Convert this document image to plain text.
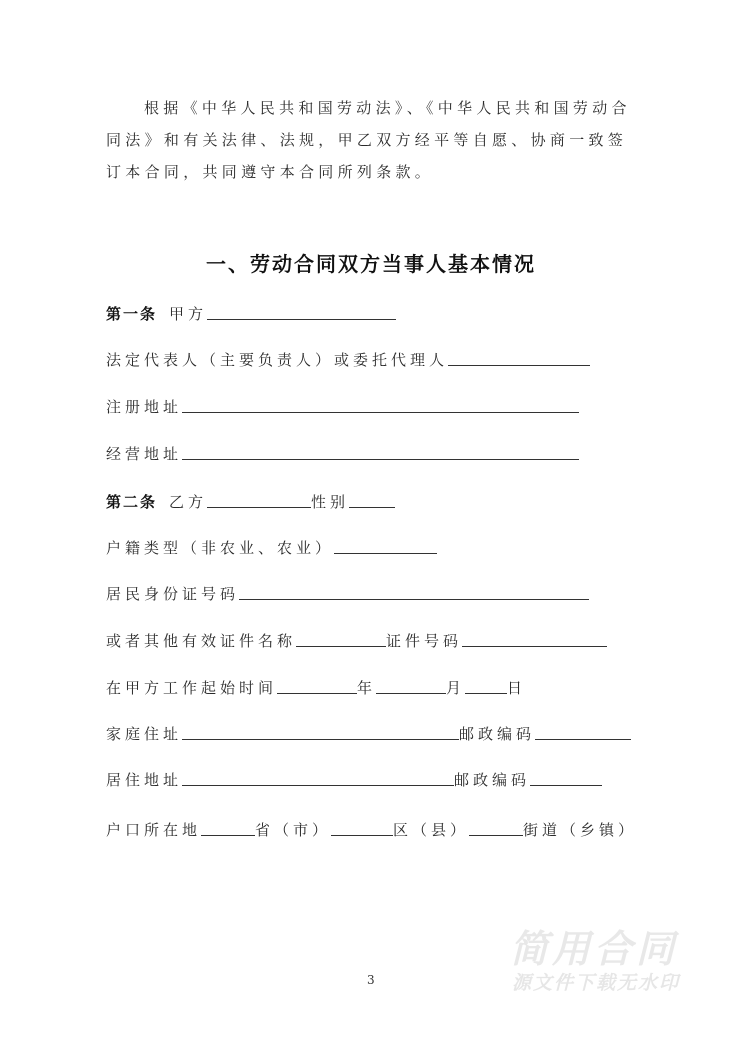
根据《中华人民共和国劳动法》、《中华人民共和国劳动合同法》和有关法律、法规，甲乙双方经平等自愿、协商一致签订本合同，共同遵守本合同所列条款。
一、劳动合同双方当事人基本情况
第一条 甲方
法定代表人（主要负责人）或委托代理人
注册地址
经营地址
第二条 乙方	性别
户籍类型（非农业、农业）
居民身份证号码
或者其他有效证件名称	证件号码
在甲方工作起始时间	年	月	日
家庭住址	邮政编码
居住地址	邮政编码
户口所在地	省（市）	区（县）	街道（乡镇）
简用合同
源文件下载无水印
3
